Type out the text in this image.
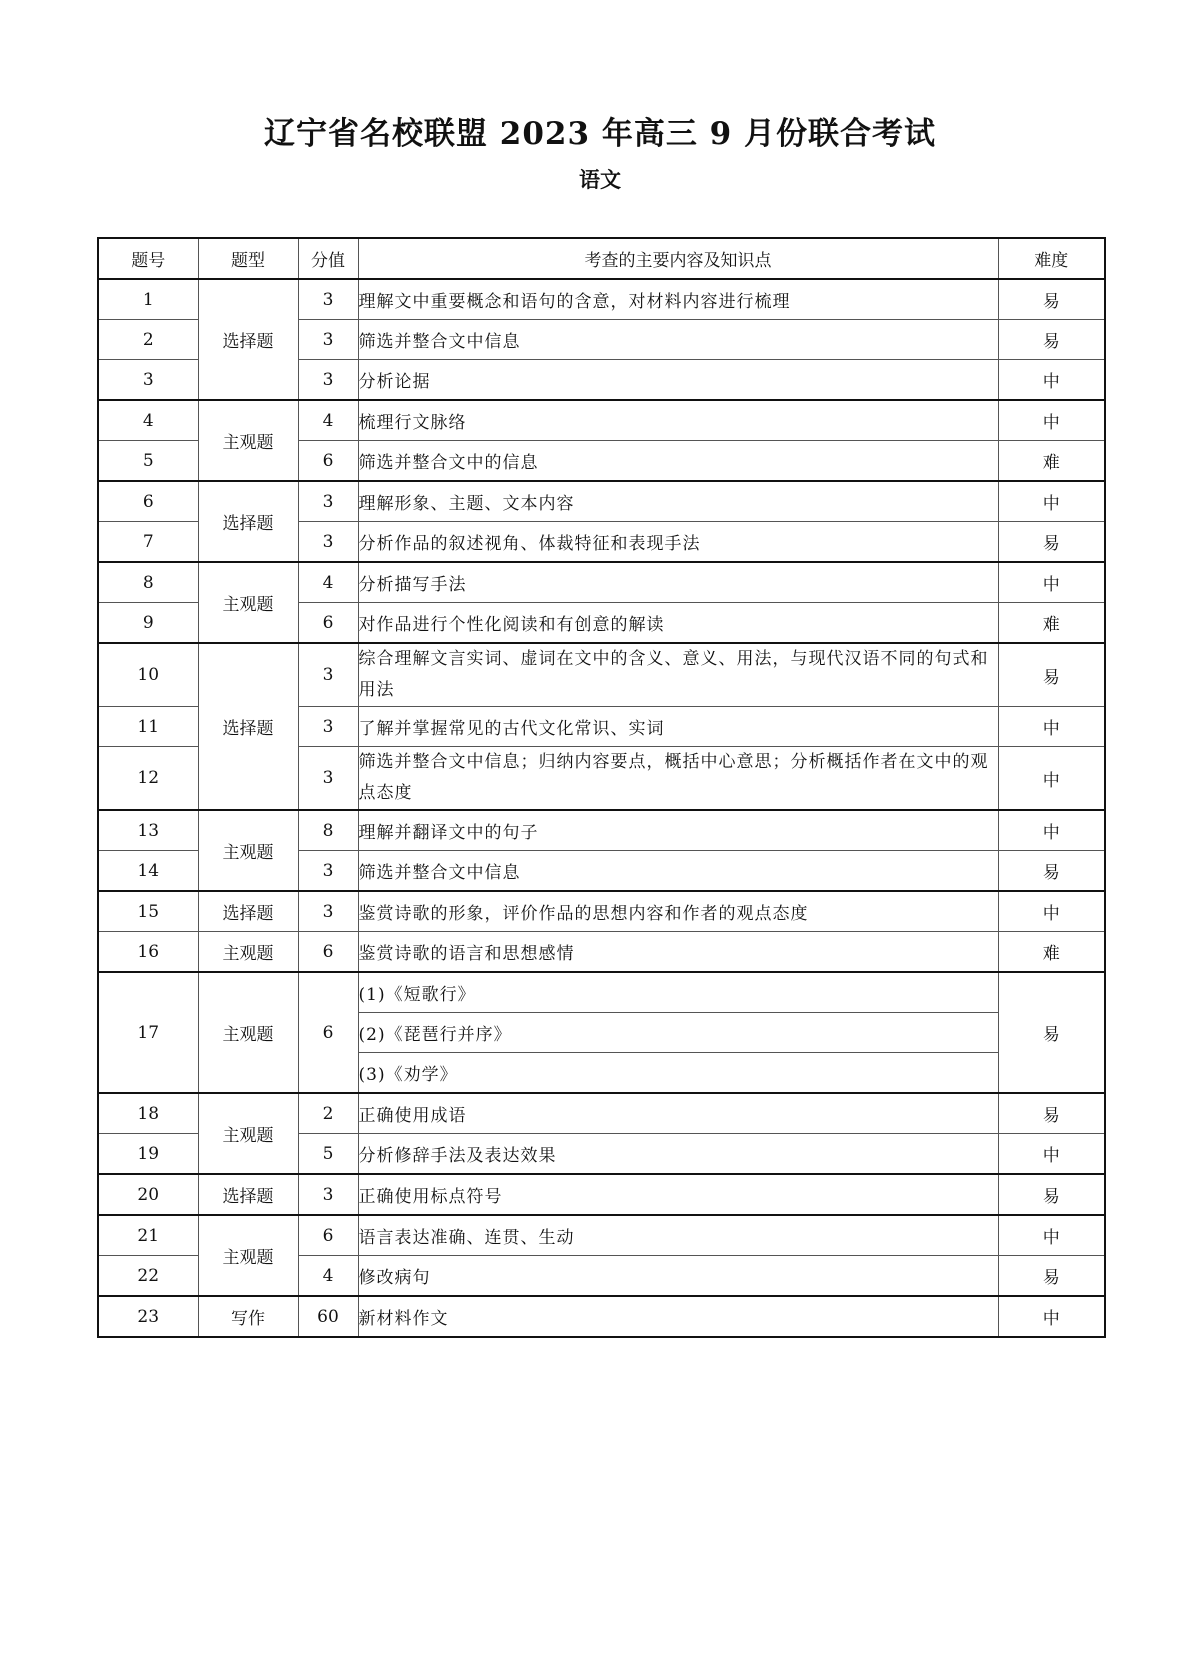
辽宁省名校联盟 2023 年高三 9 月份联合考试
语文
题号	题型	分值	考查的主要内容及知识点	难度
1	选择题	3	理解文中重要概念和语句的含意，对材料内容进行梳理	易
2		3	筛选并整合文中信息	易
3		3	分析论据	中
4	主观题	4	梳理行文脉络	中
5		6	筛选并整合文中的信息	难
6	选择题	3	理解形象、主题、文本内容	中
7		3	分析作品的叙述视角、体裁特征和表现手法	易
8	主观题	4	分析描写手法	中
9		6	对作品进行个性化阅读和有创意的解读	难
10	选择题	3	综合理解文言实词、虚词在文中的含义、意义、用法，与现代汉语不同的句式和用法	易
11		3	了解并掌握常见的古代文化常识、实词	中
12		3	筛选并整合文中信息；归纳内容要点，概括中心意思；分析概括作者在文中的观点态度	中
13	主观题	8	理解并翻译文中的句子	中
14		3	筛选并整合文中信息	易
15	选择题	3	鉴赏诗歌的形象，评价作品的思想内容和作者的观点态度	中
16	主观题	6	鉴赏诗歌的语言和思想感情	难
17	主观题	6	(1)《短歌行》	易
			(2)《琵琶行并序》	
			(3)《劝学》	
18	主观题	2	正确使用成语	易
19		5	分析修辞手法及表达效果	中
20	选择题	3	正确使用标点符号	易
21	主观题	6	语言表达准确、连贯、生动	中
22		4	修改病句	易
23	写作	60	新材料作文	中
